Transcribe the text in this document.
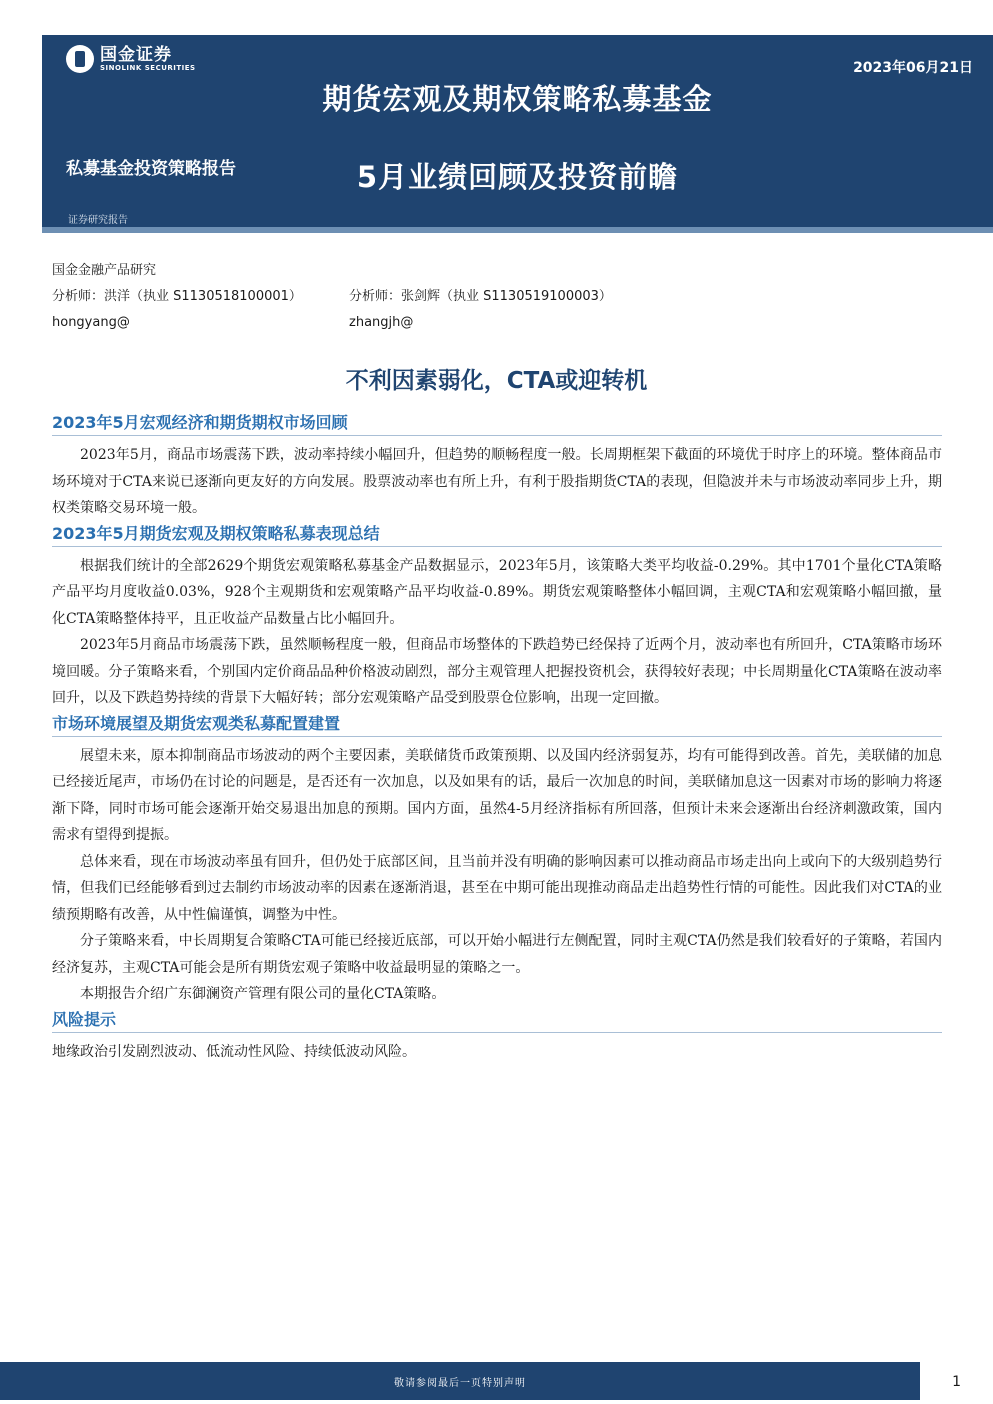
国金证券
SINOLINK SECURITIES	2023年06月21日
期货宏观及期权策略私募基金
5月业绩回顾及投资前瞻
私募基金投资策略报告
证券研究报告
国金金融产品研究
分析师：洪洋（执业 S1130518100001）	分析师：张剑辉（执业 S1130519100003）
hongyang@	zhangjh@
不利因素弱化，CTA或迎转机
2023年5月宏观经济和期货期权市场回顾

2023年5月，商品市场震荡下跌，波动率持续小幅回升，但趋势的顺畅程度一般。长周期框架下截面的环境优于时序上的环境。整体商品市场环境对于CTA来说已逐渐向更友好的方向发展。股票波动率也有所上升，有利于股指期货CTA的表现，但隐波并未与市场波动率同步上升，期权类策略交易环境一般。

2023年5月期货宏观及期权策略私募表现总结

根据我们统计的全部2629个期货宏观策略私募基金产品数据显示，2023年5月，该策略大类平均收益-0.29%。其中1701个量化CTA策略产品平均月度收益0.03%，928个主观期货和宏观策略产品平均收益-0.89%。期货宏观策略整体小幅回调，主观CTA和宏观策略小幅回撤，量化CTA策略整体持平，且正收益产品数量占比小幅回升。

2023年5月商品市场震荡下跌，虽然顺畅程度一般，但商品市场整体的下跌趋势已经保持了近两个月，波动率也有所回升，CTA策略市场环境回暖。分子策略来看，个别国内定价商品品种价格波动剧烈，部分主观管理人把握投资机会，获得较好表现；中长周期量化CTA策略在波动率回升，以及下跌趋势持续的背景下大幅好转；部分宏观策略产品受到股票仓位影响，出现一定回撤。

市场环境展望及期货宏观类私募配置建置

展望未来，原本抑制商品市场波动的两个主要因素，美联储货币政策预期、以及国内经济弱复苏，均有可能得到改善。首先，美联储的加息已经接近尾声，市场仍在讨论的问题是，是否还有一次加息，以及如果有的话，最后一次加息的时间，美联储加息这一因素对市场的影响力将逐渐下降，同时市场可能会逐渐开始交易退出加息的预期。国内方面，虽然4-5月经济指标有所回落，但预计未来会逐渐出台经济刺激政策，国内需求有望得到提振。

总体来看，现在市场波动率虽有回升，但仍处于底部区间，且当前并没有明确的影响因素可以推动商品市场走出向上或向下的大级别趋势行情，但我们已经能够看到过去制约市场波动率的因素在逐渐消退，甚至在中期可能出现推动商品走出趋势性行情的可能性。因此我们对CTA的业绩预期略有改善，从中性偏谨慎，调整为中性。

分子策略来看，中长周期复合策略CTA可能已经接近底部，可以开始小幅进行左侧配置，同时主观CTA仍然是我们较看好的子策略，若国内经济复苏，主观CTA可能会是所有期货宏观子策略中收益最明显的策略之一。

本期报告介绍广东御澜资产管理有限公司的量化CTA策略。

风险提示

地缘政治引发剧烈波动、低流动性风险、持续低波动风险。

敬请参阅最后一页特别声明	1
